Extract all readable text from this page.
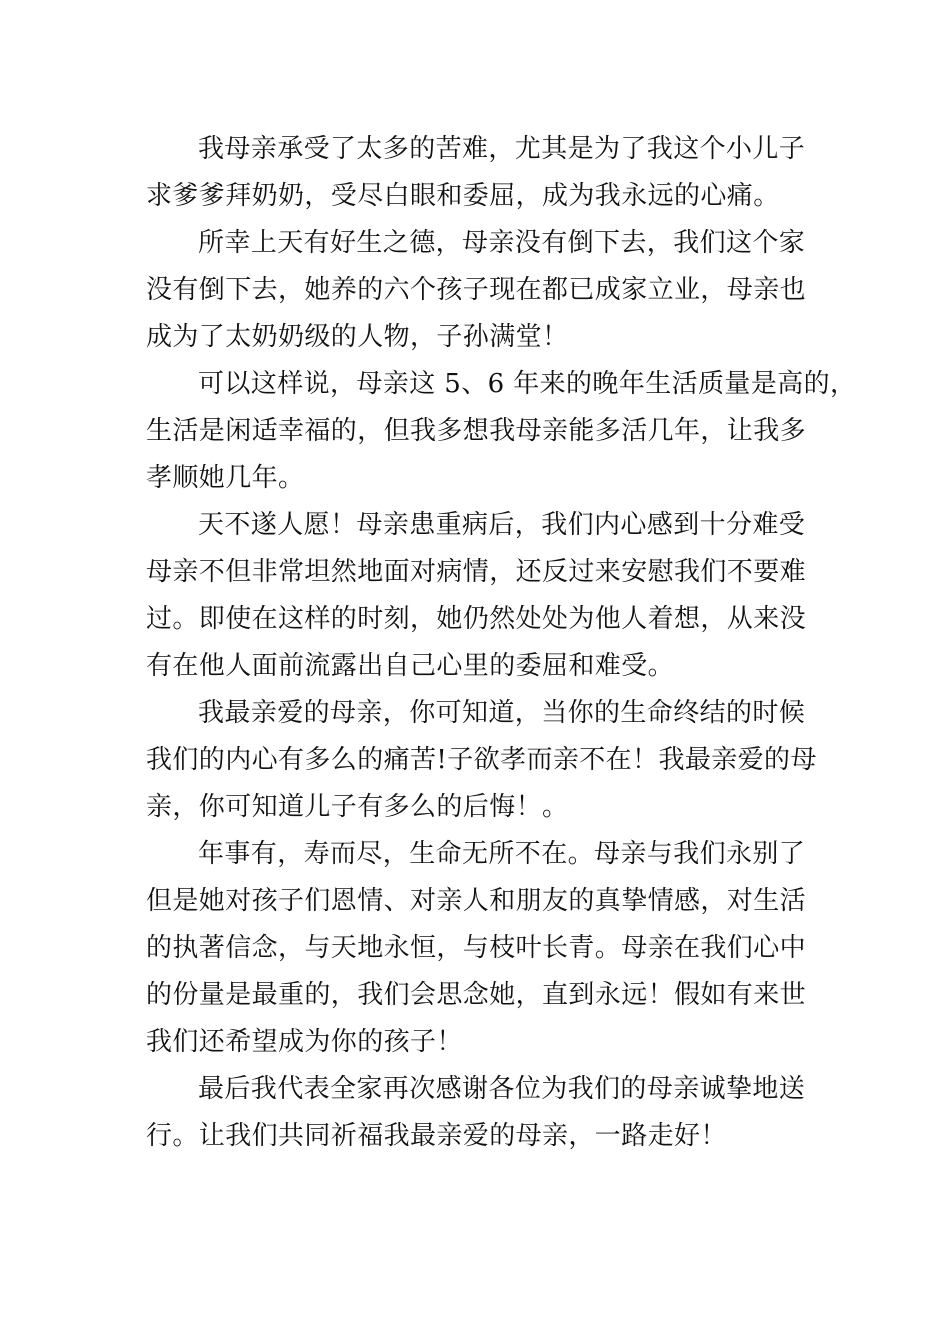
我母亲承受了太多的苦难，尤其是为了我这个小儿子
求爹爹拜奶奶，受尽白眼和委屈，成为我永远的心痛。

所幸上天有好生之德，母亲没有倒下去，我们这个家
没有倒下去，她养的六个孩子现在都已成家立业，母亲也
成为了太奶奶级的人物，子孙满堂！

可以这样说，母亲这 5、6 年来的晚年生活质量是高的，
生活是闲适幸福的，但我多想我母亲能多活几年，让我多
孝顺她几年。

天不遂人愿！母亲患重病后，我们内心感到十分难受
母亲不但非常坦然地面对病情，还反过来安慰我们不要难
过。即使在这样的时刻，她仍然处处为他人着想，从来没
有在他人面前流露出自己心里的委屈和难受。

我最亲爱的母亲，你可知道，当你的生命终结的时候
我们的内心有多么的痛苦!子欲孝而亲不在！我最亲爱的母
亲，你可知道儿子有多么的后悔！。

年事有，寿而尽，生命无所不在。母亲与我们永别了
但是她对孩子们恩情、对亲人和朋友的真挚情感，对生活
的执著信念，与天地永恒，与枝叶长青。母亲在我们心中
的份量是最重的，我们会思念她，直到永远！假如有来世
我们还希望成为你的孩子！

最后我代表全家再次感谢各位为我们的母亲诚挚地送
行。让我们共同祈福我最亲爱的母亲，一路走好！
